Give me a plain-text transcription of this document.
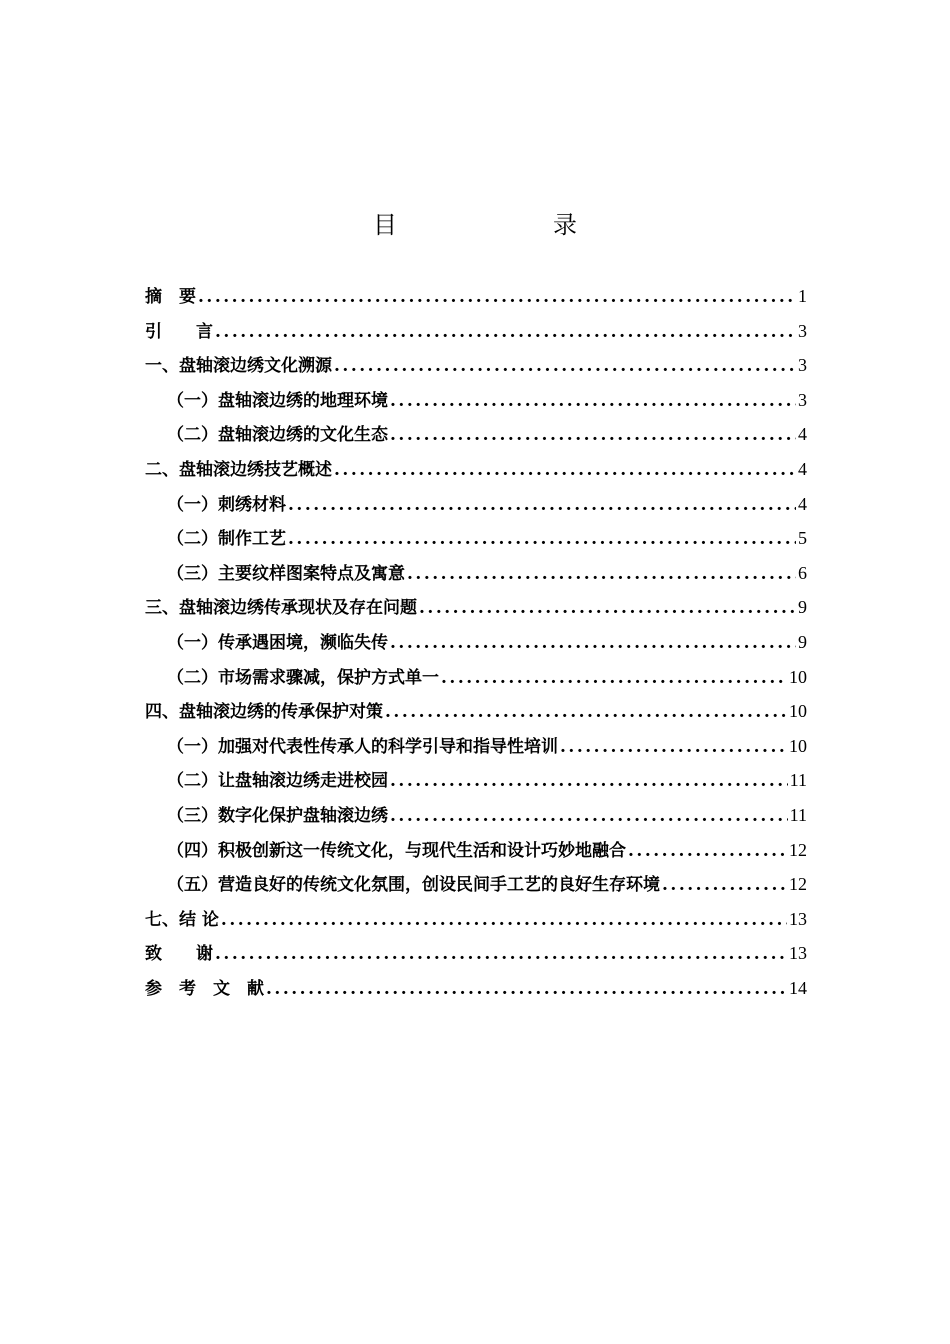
目　　录
摘　要 .....	1
引　　言 .....	3
一、盘轴滚边绣文化溯源 .....	3
（一）盘轴滚边绣的地理环境 .....	3
（二）盘轴滚边绣的文化生态 .....	4
二、盘轴滚边绣技艺概述 .....	4
（一）刺绣材料 .....	4
（二）制作工艺 .....	5
（三）主要纹样图案特点及寓意 .....	6
三、盘轴滚边绣传承现状及存在问题 .....	9
（一）传承遇困境，濒临失传 .....	9
（二）市场需求骤减，保护方式单一 .....	10
四、盘轴滚边绣的传承保护对策 .....	10
（一）加强对代表性传承人的科学引导和指导性培训 .....	10
（二）让盘轴滚边绣走进校园 .....	11
（三）数字化保护盘轴滚边绣 .....	11
（四）积极创新这一传统文化，与现代生活和设计巧妙地融合 .....	12
（五）营造良好的传统文化氛围，创设民间手工艺的良好生存环境 .....	12
七、结 论 .....	13
致　　谢 .....	13
参　考　文　献 .....	14
